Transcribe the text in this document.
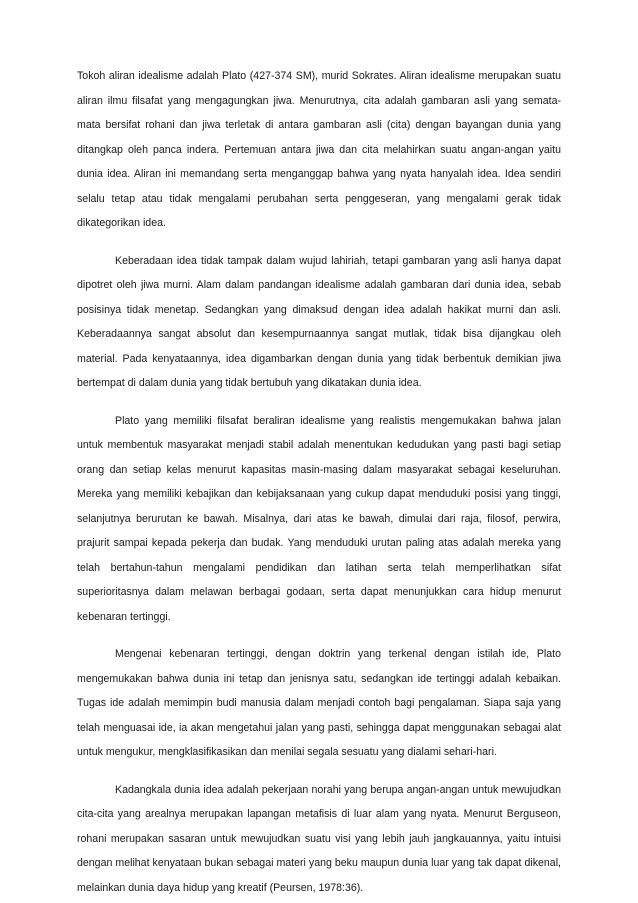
Tokoh aliran idealisme adalah Plato (427-374 SM), murid Sokrates. Aliran idealisme merupakan suatu aliran ilmu filsafat yang mengagungkan jiwa. Menurutnya, cita adalah gambaran asli yang semata-mata bersifat rohani dan jiwa terletak di antara gambaran asli (cita) dengan bayangan dunia yang ditangkap oleh panca indera. Pertemuan antara jiwa dan cita melahirkan suatu angan-angan yaitu dunia idea. Aliran ini memandang serta menganggap bahwa yang nyata hanyalah idea. Idea sendiri selalu tetap atau tidak mengalami perubahan serta penggeseran, yang mengalami gerak tidak dikategorikan idea.

Keberadaan idea tidak tampak dalam wujud lahiriah, tetapi gambaran yang asli hanya dapat dipotret oleh jiwa murni. Alam dalam pandangan idealisme adalah gambaran dari dunia idea, sebab posisinya tidak menetap. Sedangkan yang dimaksud dengan idea adalah hakikat murni dan asli. Keberadaannya sangat absolut dan kesempurnaannya sangat mutlak, tidak bisa dijangkau oleh material. Pada kenyataannya, idea digambarkan dengan dunia yang tidak berbentuk demikian jiwa bertempat di dalam dunia yang tidak bertubuh yang dikatakan dunia idea.

Plato yang memiliki filsafat beraliran idealisme yang realistis mengemukakan bahwa jalan untuk membentuk masyarakat menjadi stabil adalah menentukan kedudukan yang pasti bagi setiap orang dan setiap kelas menurut kapasitas masin-masing dalam masyarakat sebagai keseluruhan. Mereka yang memiliki kebajikan dan kebijaksanaan yang cukup dapat menduduki posisi yang tinggi, selanjutnya berurutan ke bawah. Misalnya, dari atas ke bawah, dimulai dari raja, filosof, perwira, prajurit sampai kepada pekerja dan budak. Yang menduduki urutan paling atas adalah mereka yang telah bertahun-tahun mengalami pendidikan dan latihan serta telah memperlihatkan sifat superioritasnya dalam melawan berbagai godaan, serta dapat menunjukkan cara hidup menurut kebenaran tertinggi.

Mengenai kebenaran tertinggi, dengan doktrin yang terkenal dengan istilah ide, Plato mengemukakan bahwa dunia ini tetap dan jenisnya satu, sedangkan ide tertinggi adalah kebaikan. Tugas ide adalah memimpin budi manusia dalam menjadi contoh bagi pengalaman. Siapa saja yang telah menguasai ide, ia akan mengetahui jalan yang pasti, sehingga dapat menggunakan sebagai alat untuk mengukur, mengklasifikasikan dan menilai segala sesuatu yang dialami sehari-hari.

Kadangkala dunia idea adalah pekerjaan norahi yang berupa angan-angan untuk mewujudkan cita-cita yang arealnya merupakan lapangan metafisis di luar alam yang nyata. Menurut Berguseon, rohani merupakan sasaran untuk mewujudkan suatu visi yang lebih jauh jangkauannya, yaitu intuisi dengan melihat kenyataan bukan sebagai materi yang beku maupun dunia luar yang tak dapat dikenal, melainkan dunia daya hidup yang kreatif (Peursen, 1978:36).
